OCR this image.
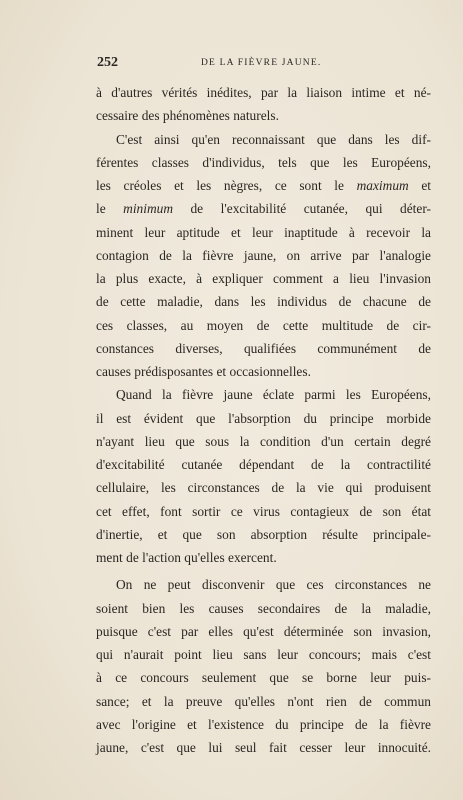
252	DE LA FIÈVRE JAUNE.
à d'autres vérités inédites, par la liaison intime et né-
cessaire des phénomènes naturels.
C'est ainsi qu'en reconnaissant que dans les dif-
férentes classes d'individus, tels que les Européens,
les créoles et les nègres, ce sont le maximum et
le minimum de l'excitabilité cutanée, qui déter-
minent leur aptitude et leur inaptitude à recevoir la
contagion de la fièvre jaune, on arrive par l'analogie
la plus exacte, à expliquer comment a lieu l'invasion
de cette maladie, dans les individus de chacune de
ces classes, au moyen de cette multitude de cir-
constances diverses, qualifiées communément de
causes prédisposantes et occasionnelles.
Quand la fièvre jaune éclate parmi les Européens,
il est évident que l'absorption du principe morbide
n'ayant lieu que sous la condition d'un certain degré
d'excitabilité cutanée dépendant de la contractilité
cellulaire, les circonstances de la vie qui produisent
cet effet, font sortir ce virus contagieux de son état
d'inertie, et que son absorption résulte principale-
ment de l'action qu'elles exercent.
On ne peut disconvenir que ces circonstances ne
soient bien les causes secondaires de la maladie,
puisque c'est par elles qu'est déterminée son invasion,
qui n'aurait point lieu sans leur concours; mais c'est
à ce concours seulement que se borne leur puis-
sance; et la preuve qu'elles n'ont rien de commun
avec l'origine et l'existence du principe de la fièvre
jaune, c'est que lui seul fait cesser leur innocuité.
